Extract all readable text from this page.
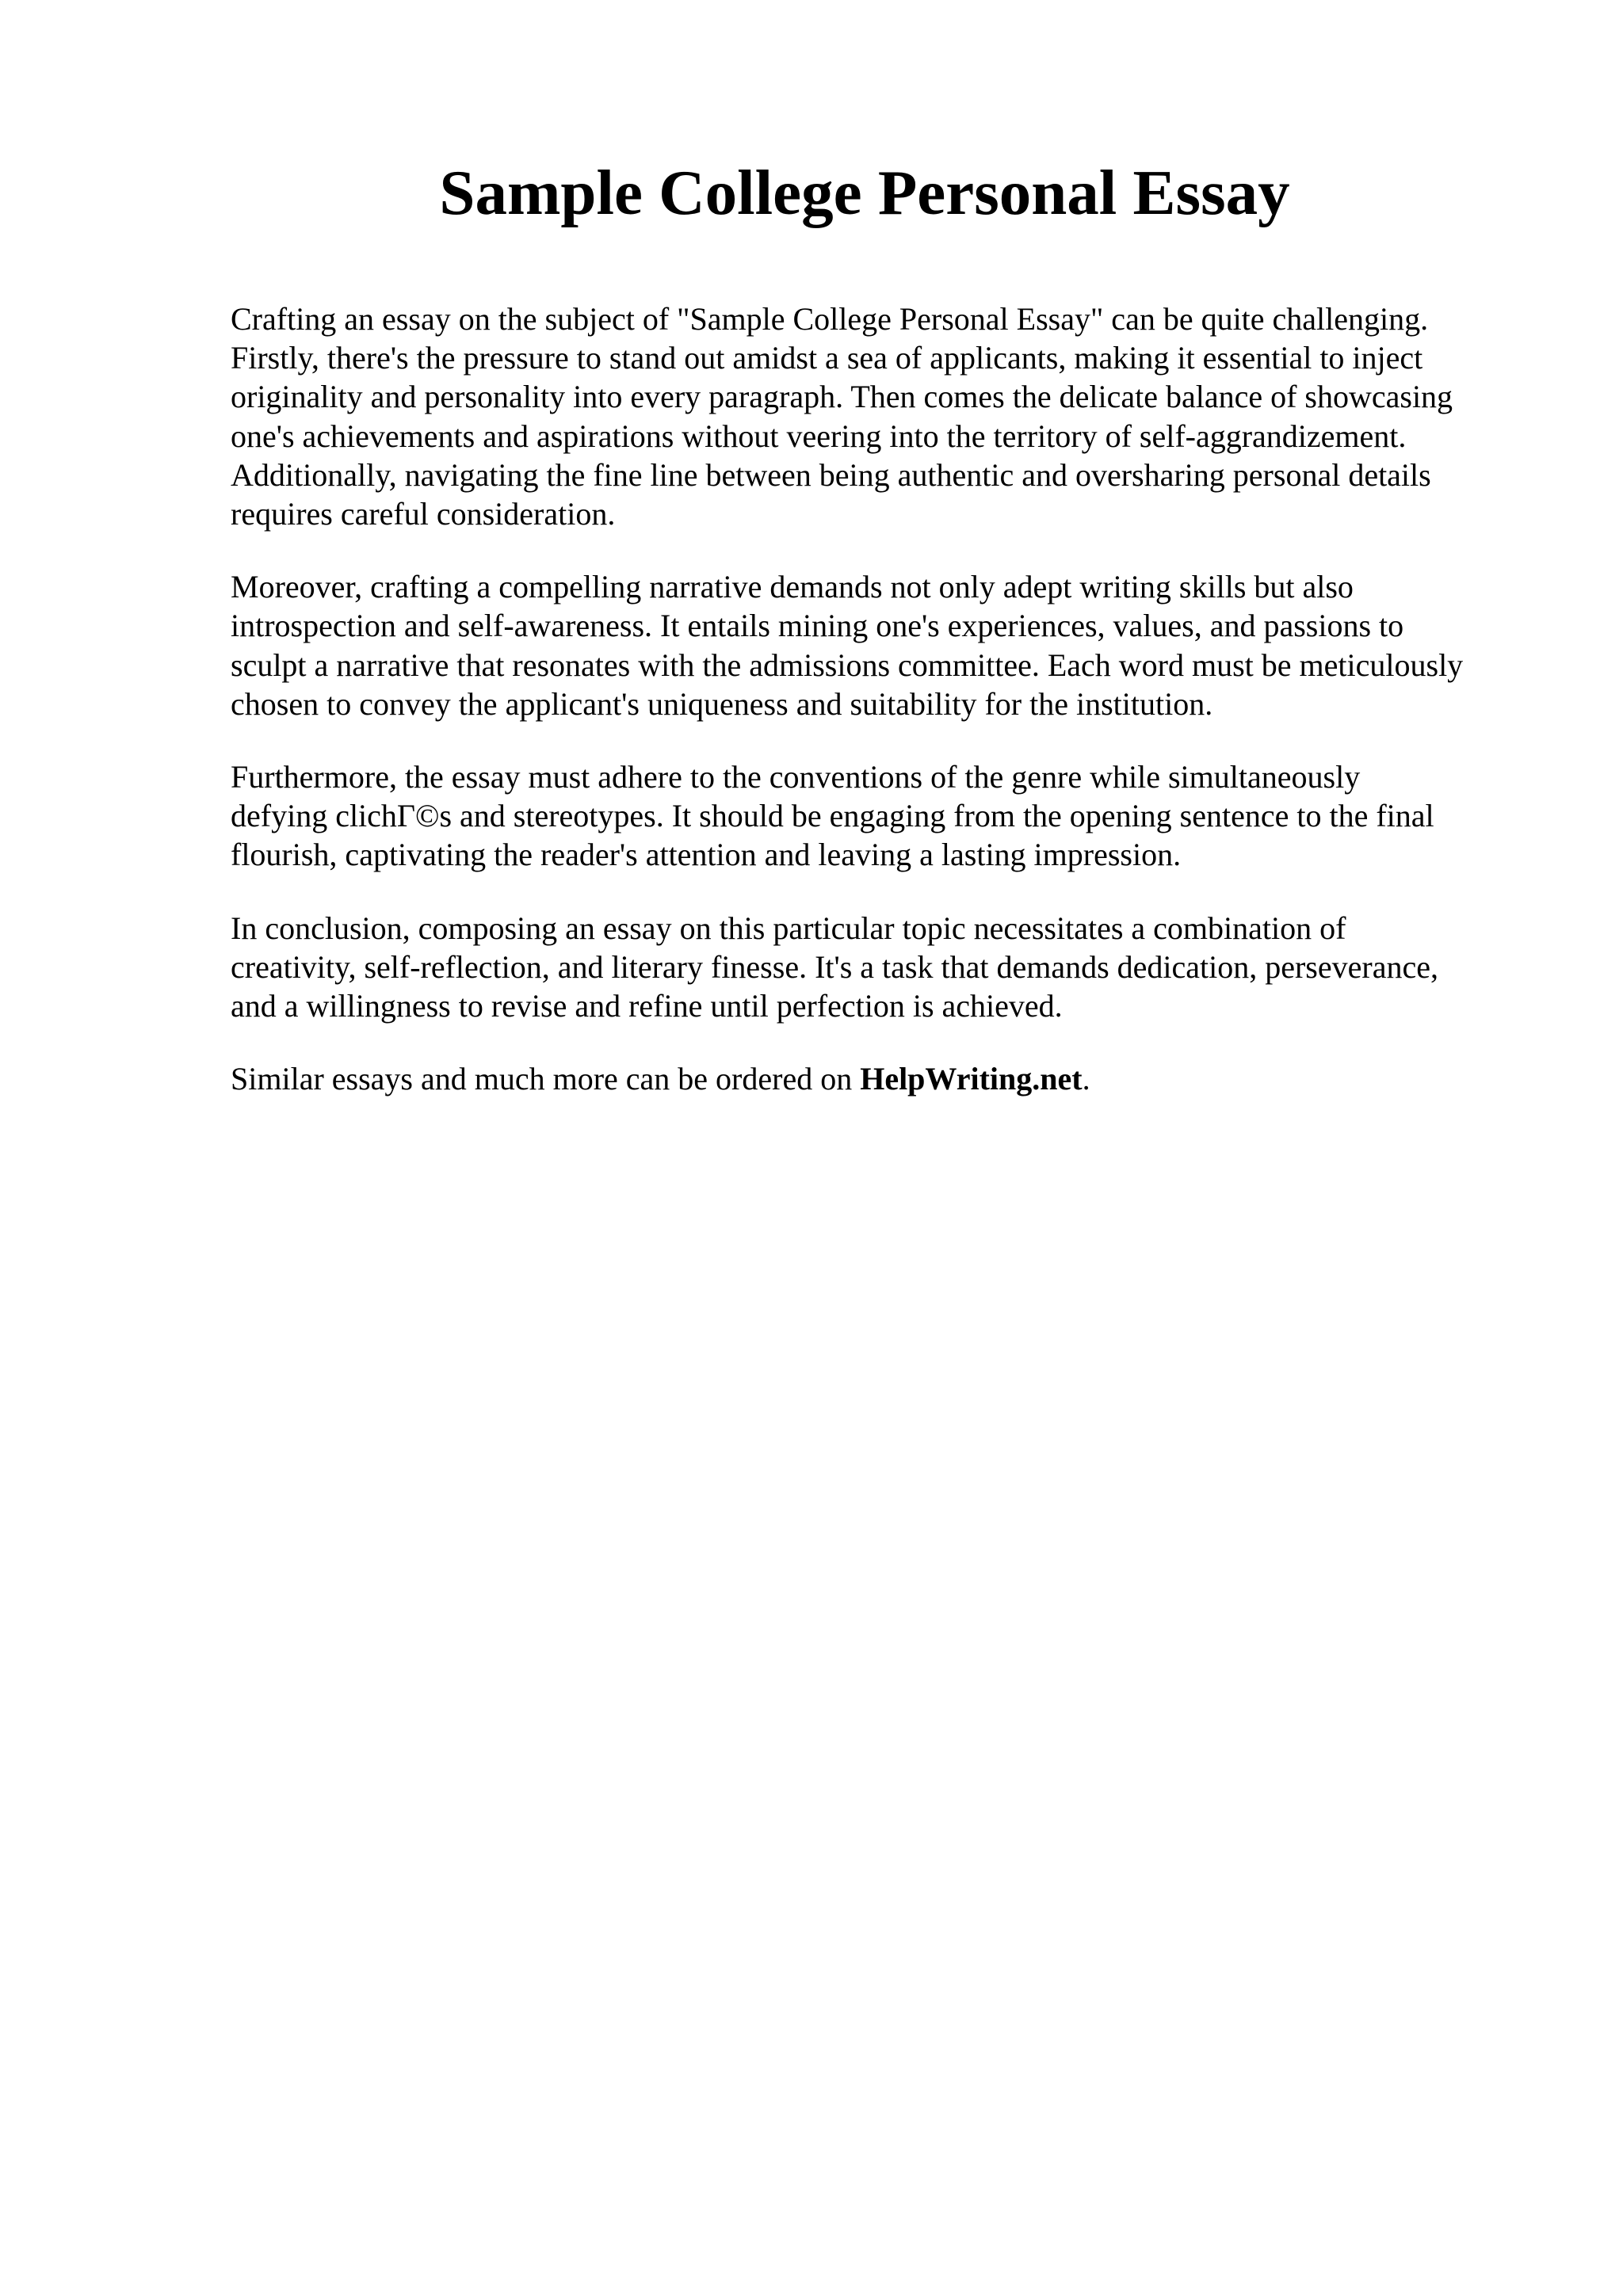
Sample College Personal Essay

Crafting an essay on the subject of "Sample College Personal Essay" can be quite challenging.
Firstly, there's the pressure to stand out amidst a sea of applicants, making it essential to inject
originality and personality into every paragraph. Then comes the delicate balance of showcasing
one's achievements and aspirations without veering into the territory of self-aggrandizement.
Additionally, navigating the fine line between being authentic and oversharing personal details
requires careful consideration.

Moreover, crafting a compelling narrative demands not only adept writing skills but also
introspection and self-awareness. It entails mining one's experiences, values, and passions to
sculpt a narrative that resonates with the admissions committee. Each word must be meticulously
chosen to convey the applicant's uniqueness and suitability for the institution.

Furthermore, the essay must adhere to the conventions of the genre while simultaneously
defying clichΓ©s and stereotypes. It should be engaging from the opening sentence to the final
flourish, captivating the reader's attention and leaving a lasting impression.

In conclusion, composing an essay on this particular topic necessitates a combination of
creativity, self-reflection, and literary finesse. It's a task that demands dedication, perseverance,
and a willingness to revise and refine until perfection is achieved.

Similar essays and much more can be ordered on HelpWriting.net.
